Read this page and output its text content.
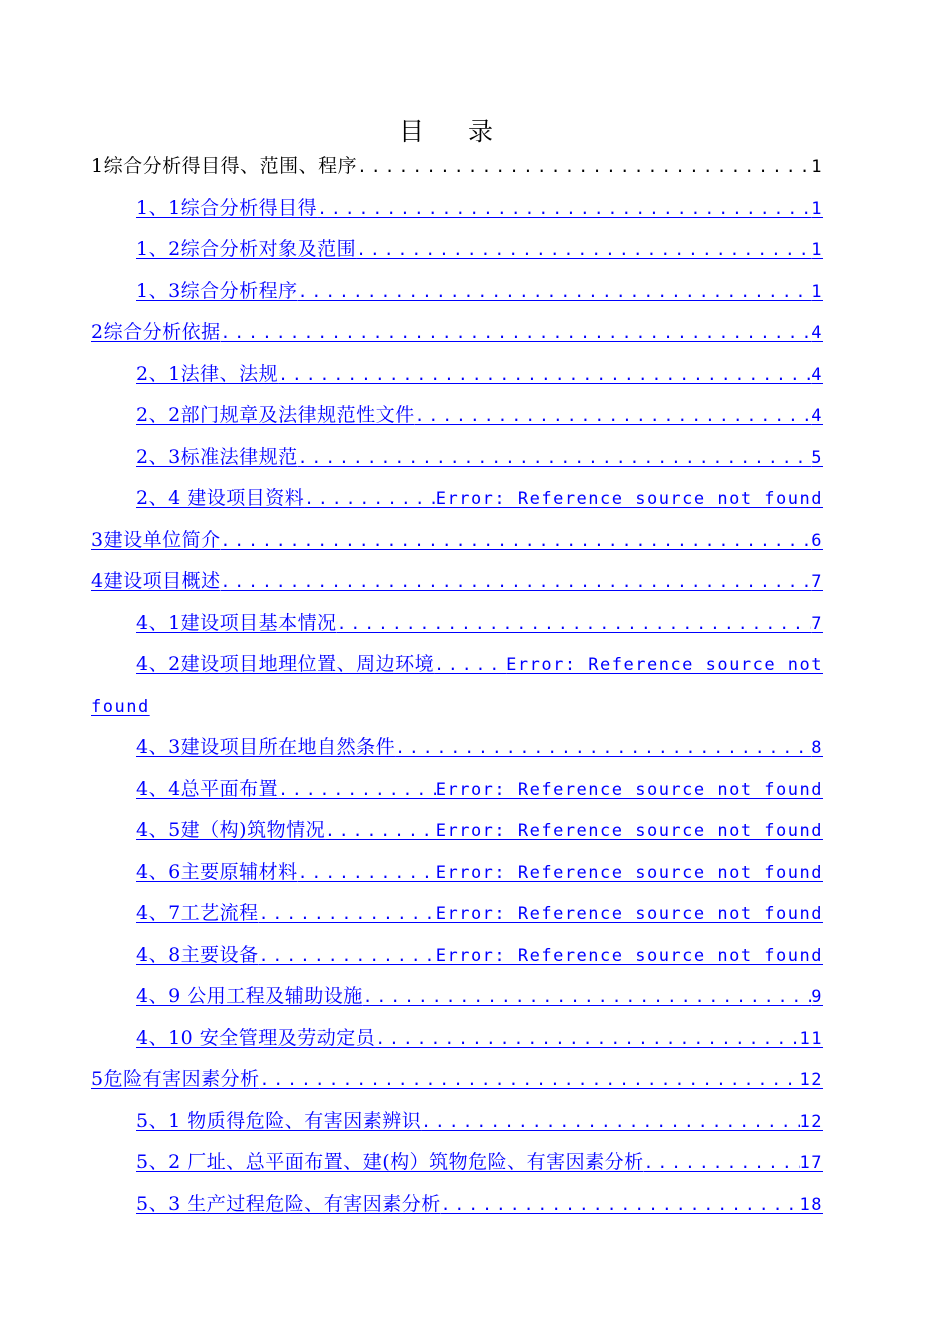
目 录
1综合分析得目得、范围、程序 .....	1
1、1综合分析得目得 .....	1
1、2综合分析对象及范围 .....	1
1、3综合分析程序 .....	1
2综合分析依据 .....	4
2、1法律、法规 .....	4
2、2部门规章及法律规范性文件 .....	4
2、3标准法律规范 .....	5
2、4 建设项目资料 .....	Error: Reference source not found
3建设单位简介 .....	6
4建设项目概述 .....	7
4、1建设项目基本情况 .....	7
4、2建设项目地理位置、周边环境 .....	Error: Reference source not
found
4、3建设项目所在地自然条件 .....	8
4、4总平面布置 .....	Error: Reference source not found
4、5建（构)筑物情况 .....	Error: Reference source not found
4、6主要原辅材料 .....	Error: Reference source not found
4、7工艺流程 .....	Error: Reference source not found
4、8主要设备 .....	Error: Reference source not found
4、9 公用工程及辅助设施 .....	9
4、10 安全管理及劳动定员 .....	11
5危险有害因素分析 .....	12
5、1 物质得危险、有害因素辨识 .....	12
5、2 厂址、总平面布置、建(构）筑物危险、有害因素分析 .....	17
5、3 生产过程危险、有害因素分析 .....	18
